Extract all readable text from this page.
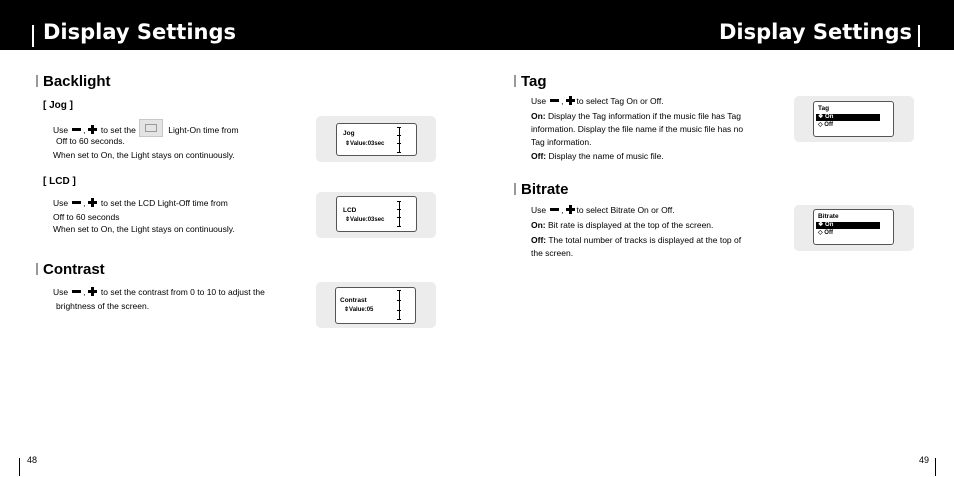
Display Settings	Display Settings
Backlight
[ Jog ]
Use , to set the	Light-On time from
Off to 60 seconds.
When set to On, the Light stays on continuously.
Jog
⇕Value:03sec
[ LCD ]
Use , to set the LCD Light-Off time from
Off to 60 seconds
When set to On, the Light stays on continuously.
LCD
⇕Value:03sec
Contrast
Use , to set the contrast from 0 to 10 to adjust the
brightness of the screen.
Contrast
⇕Value:05
48
Tag
Use , to select Tag On or Off.
On: Display the Tag information if the music file has Tag
information. Display the file name if the music file has no
Tag information.
Off: Display the name of music file.
Tag
❖ On
◇ Off
Bitrate
Use , to select Bitrate On or Off.
On: Bit rate is displayed at the top of the screen.
Off: The total number of tracks is displayed at the top of
the screen.
Bitrate
❖ On
◇ Off
49
